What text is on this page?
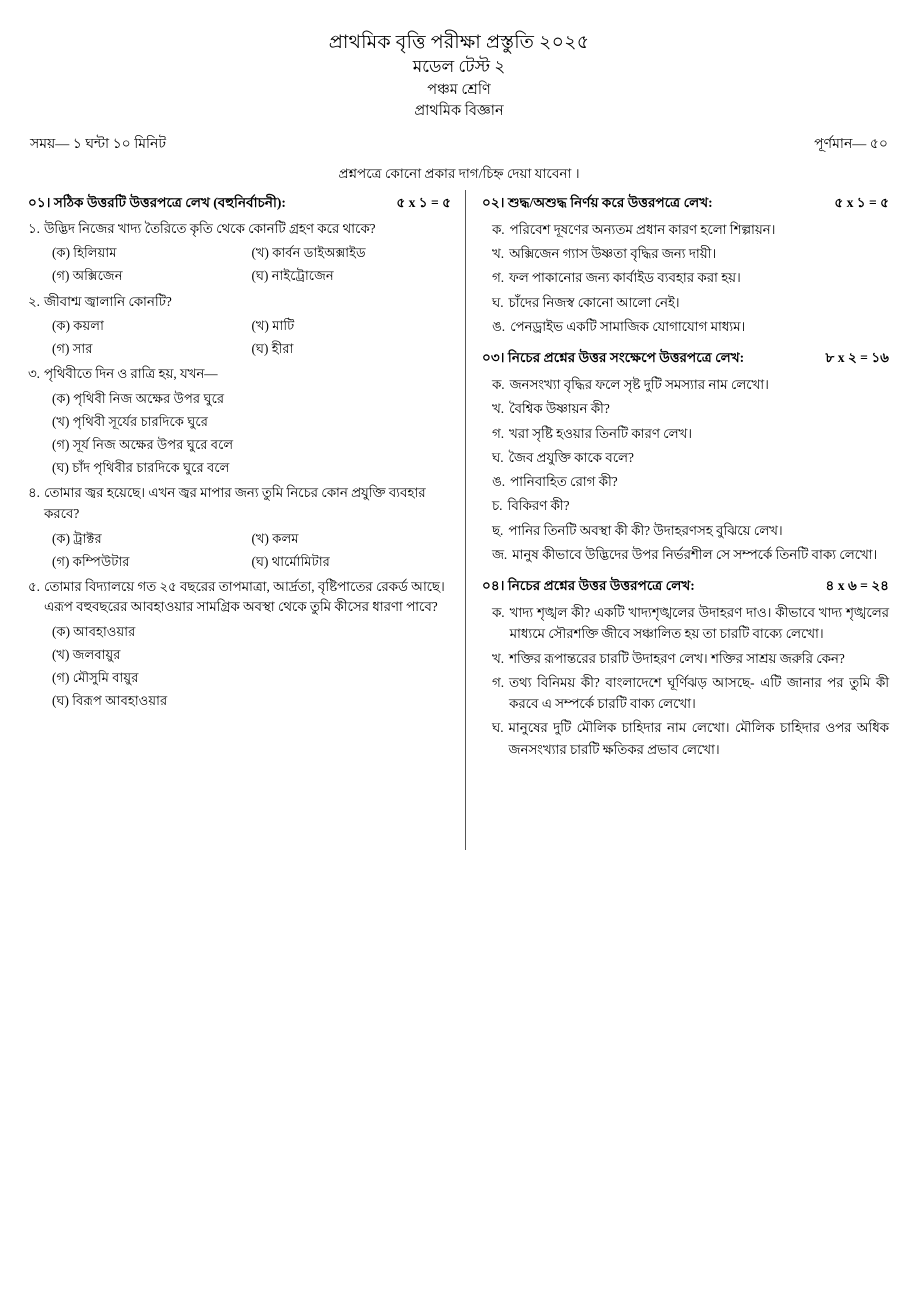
প্রাথমিক বৃত্তি পরীক্ষা প্রস্তুতি ২০২৫
মডেল টেস্ট ২
পঞ্চম শ্রেণি
প্রাথমিক বিজ্ঞান
সময়— ১ ঘন্টা ১০ মিনিট	পূর্ণমান— ৫০
প্রশ্নপত্রে কোনো প্রকার দাগ/চিহ্ন দেয়া যাবেনা ।
০১। সঠিক উত্তরটি উত্তরপত্রে লেখ (বহুনির্বাচনী):	৫ x ১ = ৫
১. উদ্ভিদ নিজের খাদ্য তৈরিতে কৃতি থেকে কোনটি গ্রহণ করে থাকে?
(ক) হিলিয়াম	(খ) কার্বন ডাইঅক্সাইড
(গ) অক্সিজেন	(ঘ) নাইট্রোজেন
২. জীবাশ্ম জ্বালানি কোনটি?
(ক) কয়লা	(খ) মাটি
(গ) সার	(ঘ) হীরা
৩. পৃথিবীতে দিন ও রাত্রি হয়, যখন—
(ক) পৃথিবী নিজ অক্ষের উপর ঘুরে
(খ) পৃথিবী সূর্যের চারদিকে ঘুরে
(গ) সূর্য নিজ অক্ষের উপর ঘুরে বলে
(ঘ) চাঁদ পৃথিবীর চারদিকে ঘুরে বলে
৪. তোমার জ্বর হয়েছে। এখন জ্বর মাপার জন্য তুমি নিচের কোন প্রযুক্তি ব্যবহার করবে?
(ক) ট্রাক্টর	(খ) কলম
(গ) কম্পিউটার	(ঘ) থার্মোমিটার
৫. তোমার বিদ্যালয়ে গত ২৫ বছরের তাপমাত্রা, আর্দ্রতা, বৃষ্টিপাতের রেকর্ড আছে। এরূপ বহুবছরের আবহাওয়ার সামগ্রিক অবস্থা থেকে তুমি কীসের ধারণা পাবে?
(ক) আবহাওয়ার
(খ) জলবায়ুর
(গ) মৌসুমি বায়ুর
(ঘ) বিরূপ আবহাওয়ার
০২। শুদ্ধ/অশুদ্ধ নির্ণয় করে উত্তরপত্রে লেখ:	৫ x ১ = ৫
ক. পরিবেশ দূষণের অন্যতম প্রধান কারণ হলো শিল্পায়ন।
খ. অক্সিজেন গ্যাস উষ্ণতা বৃদ্ধির জন্য দায়ী।
গ. ফল পাকানোর জন্য কার্বাইড ব্যবহার করা হয়।
ঘ. চাঁদের নিজস্ব কোনো আলো নেই।
ঙ. পেনড্রাইভ একটি সামাজিক যোগাযোগ মাধ্যম।
০৩। নিচের প্রশ্নের উত্তর সংক্ষেপে উত্তরপত্রে লেখ:	৮ x ২ = ১৬
ক. জনসংখ্যা বৃদ্ধির ফলে সৃষ্ট দুটি সমস্যার নাম লেখো।
খ. বৈশ্বিক উষ্ণায়ন কী?
গ. খরা সৃষ্টি হওয়ার তিনটি কারণ লেখ।
ঘ. জৈব প্রযুক্তি কাকে বলে?
ঙ. পানিবাহিত রোগ কী?
চ. বিকিরণ কী?
ছ. পানির তিনটি অবস্থা কী কী? উদাহরণসহ বুঝিয়ে লেখ।
জ. মানুষ কীভাবে উদ্ভিদের উপর নির্ভরশীল সে সম্পর্কে তিনটি বাক্য লেখো।
০৪। নিচের প্রশ্নের উত্তর উত্তরপত্রে লেখ:	৪ x ৬ = ২৪
ক. খাদ্য শৃঙ্খল কী? একটি খাদ্যশৃঙ্খলের উদাহরণ দাও। কীভাবে খাদ্য শৃঙ্খলের মাধ্যমে সৌরশক্তি জীবে সঞ্চালিত হয় তা চারটি বাক্যে লেখো।
খ. শক্তির রূপান্তরের চারটি উদাহরণ লেখ। শক্তির সাশ্রয় জরুরি কেন?
গ. তথ্য বিনিময় কী? বাংলাদেশে ঘূর্ণিঝড় আসছে- এটি জানার পর তুমি কী করবে এ সম্পর্কে চারটি বাক্য লেখো।
ঘ. মানুষের দুটি মৌলিক চাহিদার নাম লেখো। মৌলিক চাহিদার ওপর অধিক জনসংখ্যার চারটি ক্ষতিকর প্রভাব লেখো।
